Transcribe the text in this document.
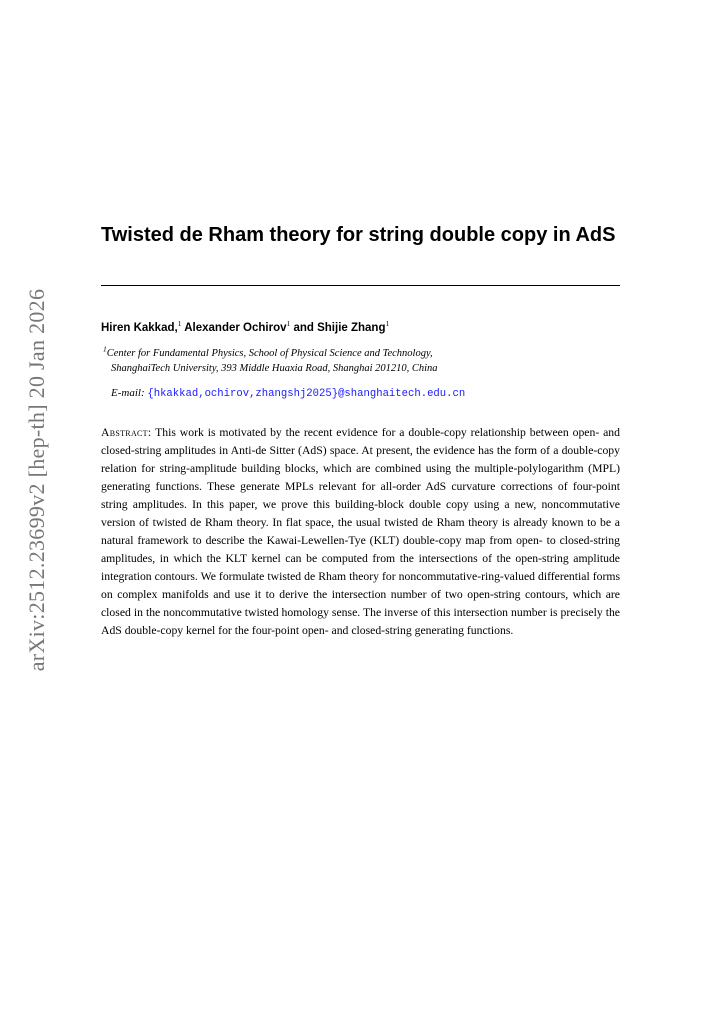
arXiv:2512.23699v2 [hep-th] 20 Jan 2026
Twisted de Rham theory for string double copy in AdS
Hiren Kakkad,$^1$ Alexander Ochirov$^1$ and Shijie Zhang$^1$
$^1$Center for Fundamental Physics, School of Physical Science and Technology,
ShanghaiTech University, 393 Middle Huaxia Road, Shanghai 201210, China
E-mail: {hkakkad,ochirov,zhangshj2025}@shanghaitech.edu.cn

Abstract: This work is motivated by the recent evidence for a double-copy relationship between open- and closed-string amplitudes in Anti-de Sitter (AdS) space. At present, the evidence has the form of a double-copy relation for string-amplitude building blocks, which are combined using the multiple-polylogarithm (MPL) generating functions. These generate MPLs relevant for all-order AdS curvature corrections of four-point string amplitudes. In this paper, we prove this building-block double copy using a new, noncommutative version of twisted de Rham theory. In flat space, the usual twisted de Rham theory is already known to be a natural framework to describe the Kawai-Lewellen-Tye (KLT) double-copy map from open- to closed-string amplitudes, in which the KLT kernel can be computed from the intersections of the open-string amplitude integration contours. We formulate twisted de Rham theory for noncommutative-ring-valued differential forms on complex manifolds and use it to derive the intersection number of two open-string contours, which are closed in the noncommutative twisted homology sense. The inverse of this intersection number is precisely the AdS double-copy kernel for the four-point open- and closed-string generating functions.
